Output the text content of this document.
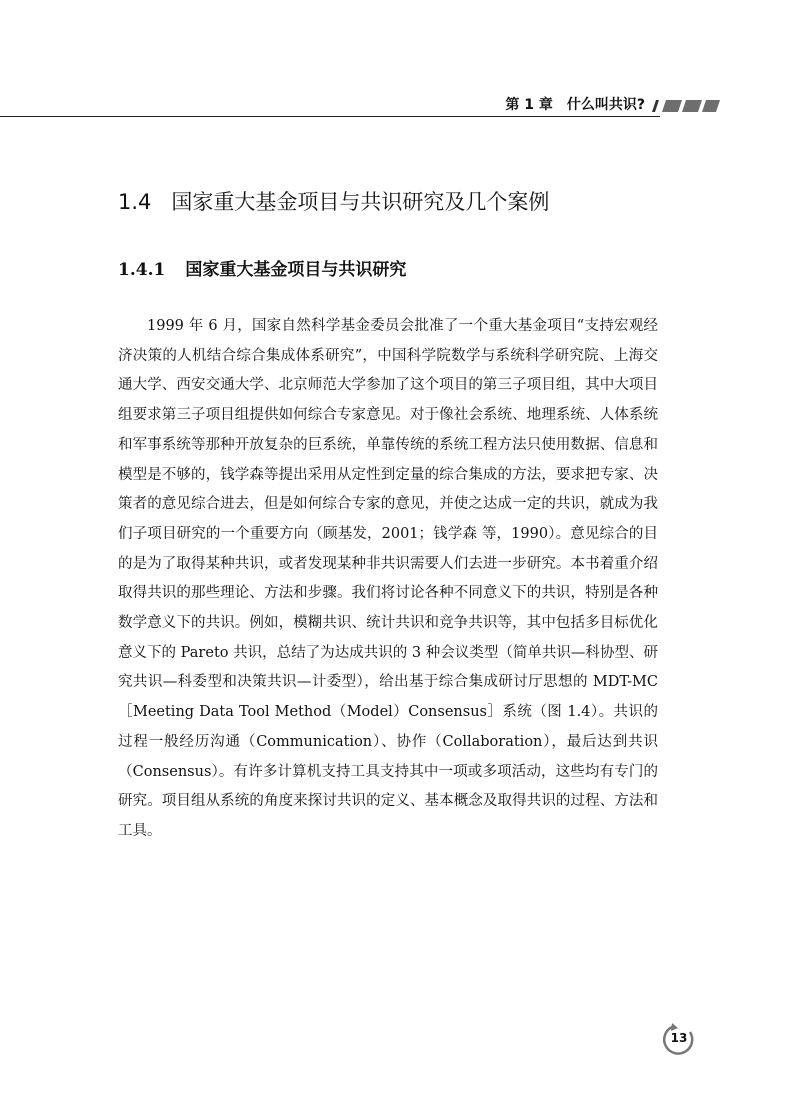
第 1 章　什么叫共识?
1.4 国家重大基金项目与共识研究及几个案例
1.4.1 国家重大基金项目与共识研究

1999 年 6 月，国家自然科学基金委员会批准了一个重大基金项目“支持宏观经济决策的人机结合综合集成体系研究”，中国科学院数学与系统科学研究院、上海交通大学、西安交通大学、北京师范大学参加了这个项目的第三子项目组，其中大项目组要求第三子项目组提供如何综合专家意见。对于像社会系统、地理系统、人体系统和军事系统等那种开放复杂的巨系统，单靠传统的系统工程方法只使用数据、信息和模型是不够的，钱学森等提出采用从定性到定量的综合集成的方法，要求把专家、决策者的意见综合进去，但是如何综合专家的意见，并使之达成一定的共识，就成为我们子项目研究的一个重要方向（顾基发，2001；钱学森 等，1990）。意见综合的目的是为了取得某种共识，或者发现某种非共识需要人们去进一步研究。本书着重介绍取得共识的那些理论、方法和步骤。我们将讨论各种不同意义下的共识，特别是各种数学意义下的共识。例如，模糊共识、统计共识和竞争共识等，其中包括多目标优化意义下的 Pareto 共识，总结了为达成共识的 3 种会议类型（简单共识—科协型、研究共识—科委型和决策共识—计委型），给出基于综合集成研讨厅思想的 MDT-MC［Meeting Data Tool Method（Model）Consensus］系统（图 1.4）。共识的过程一般经历沟通（Communication）、协作（Collaboration），最后达到共识（Consensus）。有许多计算机支持工具支持其中一项或多项活动，这些均有专门的研究。项目组从系统的角度来探讨共识的定义、基本概念及取得共识的过程、方法和工具。

13
